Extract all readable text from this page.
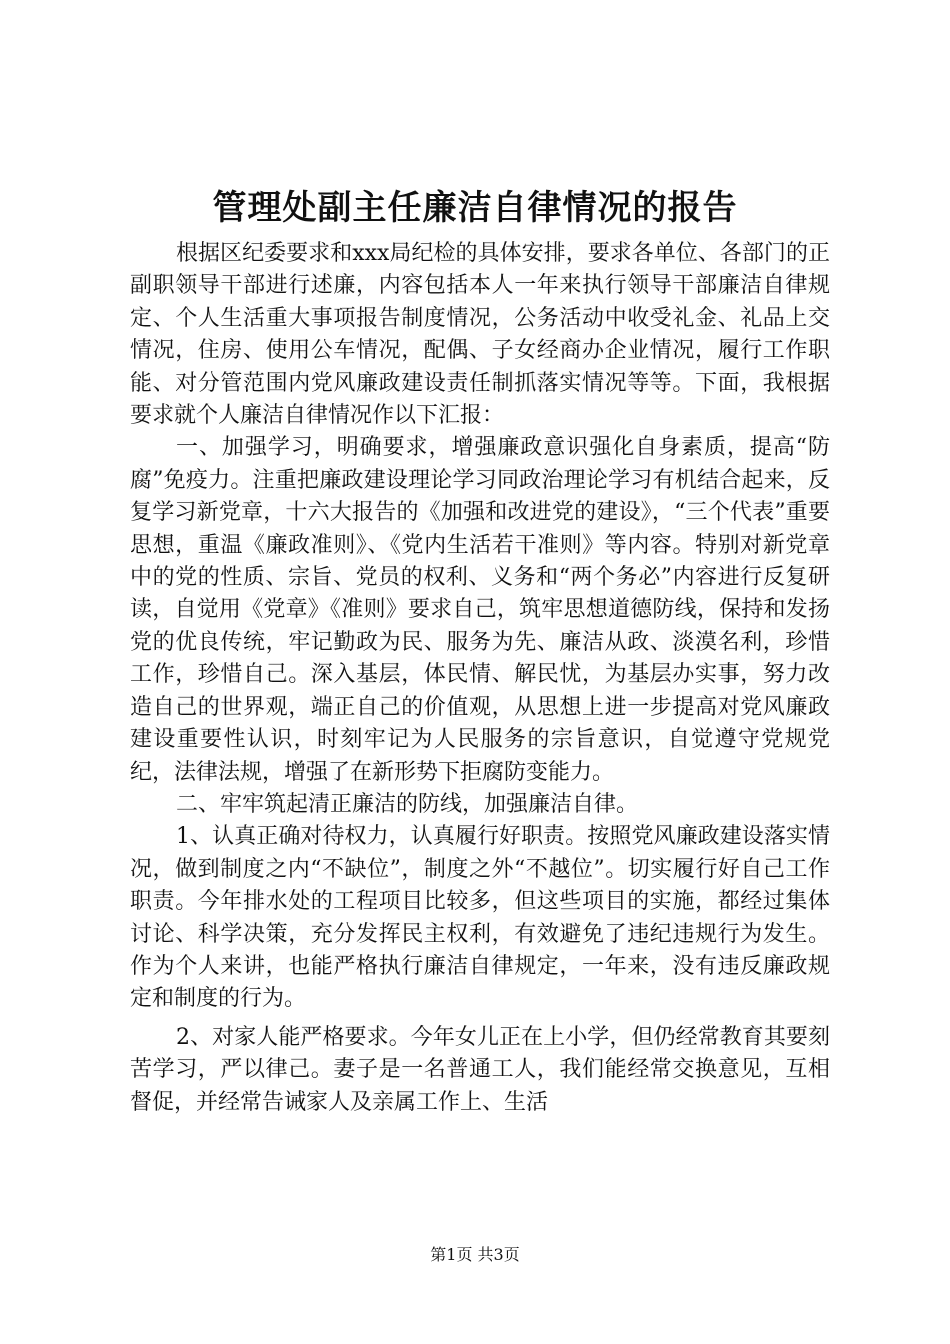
管理处副主任廉洁自律情况的报告

根据区纪委要求和xxx局纪检的具体安排，要求各单位、各部门的正副职领导干部进行述廉，内容包括本人一年来执行领导干部廉洁自律规定、个人生活重大事项报告制度情况，公务活动中收受礼金、礼品上交情况，住房、使用公车情况，配偶、子女经商办企业情况，履行工作职能、对分管范围内党风廉政建设责任制抓落实情况等等。下面，我根据要求就个人廉洁自律情况作以下汇报：

一、加强学习，明确要求，增强廉政意识强化自身素质，提高“防腐”免疫力。注重把廉政建设理论学习同政治理论学习有机结合起来，反复学习新党章，十六大报告的《加强和改进党的建设》，“三个代表”重要思想，重温《廉政准则》、《党内生活若干准则》等内容。特别对新党章中的党的性质、宗旨、党员的权利、义务和“两个务必”内容进行反复研读，自觉用《党章》《准则》要求自己，筑牢思想道德防线，保持和发扬党的优良传统，牢记勤政为民、服务为先、廉洁从政、淡漠名利，珍惜工作，珍惜自己。深入基层，体民情、解民忧，为基层办实事，努力改造自己的世界观，端正自己的价值观，从思想上进一步提高对党风廉政建设重要性认识，时刻牢记为人民服务的宗旨意识，自觉遵守党规党纪，法律法规，增强了在新形势下拒腐防变能力。

二、牢牢筑起清正廉洁的防线，加强廉洁自律。

1、认真正确对待权力，认真履行好职责。按照党风廉政建设落实情况，做到制度之内“不缺位”，制度之外“不越位”。切实履行好自己工作职责。今年排水处的工程项目比较多，但这些项目的实施，都经过集体讨论、科学决策，充分发挥民主权利，有效避免了违纪违规行为发生。作为个人来讲，也能严格执行廉洁自律规定，一年来，没有违反廉政规定和制度的行为。

2、对家人能严格要求。今年女儿正在上小学，但仍经常教育其要刻苦学习，严以律己。妻子是一名普通工人，我们能经常交换意见，互相督促，并经常告诫家人及亲属工作上、生活

第1页 共3页
